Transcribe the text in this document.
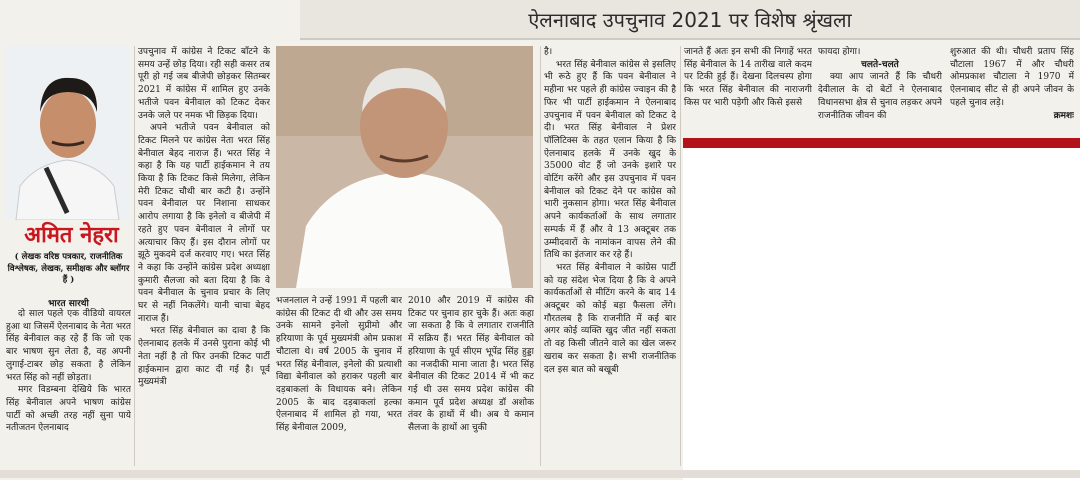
ऐलनाबाद उपचुनाव 2021 पर विशेष श्रृंखला
अमित नेहरा
( लेखक वरिष्ठ पत्रकार, राजनीतिक विश्लेषक, लेखक, समीक्षक और ब्लॉगर हैं )
भारत सारथी

दो साल पहले एक वीडियो वायरल हुआ था जिसमें ऐलनाबाद के नेता भरत सिंह बेनीवाल कह रहे हैं कि जो एक बार भाषण सुन लेता है, वह अपनी लुगाई-टाबर छोड़ सकता है लेकिन भरत सिंह को नहीं छोड़ता।

मगर विडम्बना देखिये कि भारत सिंह बेनीवाल अपने भाषण कांग्रेस पार्टी को अच्छी तरह नहीं सुना पाये नतीजतन ऐलनाबाद

उपचुनाव में कांग्रेस ने टिकट बाँटने के समय उन्हें छोड़ दिया। रही सही कसर तब पूरी हो गई जब बीजेपी छोड़कर सितम्बर 2021 में कांग्रेस में शामिल हुए उनके भतीजे पवन बेनीवाल को टिकट देकर उनके जले पर नमक भी छिड़क दिया।

अपने भतीजे पवन बेनीवाल को टिकट मिलने पर कांग्रेस नेता भरत सिंह बेनीवाल बेहद नाराज हैं। भरत सिंह ने कहा है कि यह पार्टी हाईकमान ने तय किया है कि टिकट किसे मिलेगा, लेकिन मेरी टिकट चौथी बार कटी है। उन्होंने पवन बेनीवाल पर निशाना साधकर आरोप लगाया है कि इनेलो व बीजेपी में रहते हुए पवन बेनीवाल ने लोगों पर अत्याचार किए हैं। इस दौरान लोगों पर झूठे मुकदमे दर्ज करवाए गए। भरत सिंह ने कहा कि उन्होंने कांग्रेस प्रदेश अध्यक्षा कुमारी सैलजा को बता दिया है कि वे पवन बेनीवाल के चुनाव प्रचार के लिए घर से नहीं निकलेंगे। यानी चाचा बेहद नाराज हैं।

भरत सिंह बेनीवाल का दावा है कि ऐलनाबाद हलके में उनसे पुराना कोई भी नेता नहीं है तो फिर उनकी टिकट पार्टी हाईकमान द्वारा काट दी गई है। पूर्व मुख्यमंत्री

भजनलाल ने उन्हें 1991 में पहली बार कांग्रेस की टिकट दी थी और उस समय उनके सामने इनेलो सुप्रीमो और हरियाणा के पूर्व मुख्यमंत्री ओम प्रकाश चौटाला थे। वर्ष 2005 के चुनाव में भरत सिंह बेनीवाल, इनेलो की प्रत्याशी विद्या बेनीवाल को हराकर पहली बार दड़बाकलां के विधायक बने। लेकिन 2005 के बाद दड़बाकलां हल्का ऐलनाबाद में शामिल हो गया, भरत सिंह बेनीवाल 2009,

2010 और 2019 में कांग्रेस की टिकट पर चुनाव हार चुके हैं। अतः कहा जा सकता है कि वे लगातार राजनीति में सक्रिय हैं। भरत सिंह बेनीवाल को हरियाणा के पूर्व सीएम भूपेंद्र सिंह हुड्डा का नजदीकी माना जाता है। भरत सिंह बेनीवाल की टिकट 2014 में भी कट गई थी उस समय प्रदेश कांग्रेस की कमान पूर्व प्रदेश अध्यक्ष डॉ अशोक तंवर के हाथों में थी। अब ये कमान सैलजा के हाथों आ चुकी

है।

भरत सिंह बेनीवाल कांग्रेस से इसलिए भी रूठे हुए हैं कि पवन बेनीवाल ने महीना भर पहले ही कांग्रेस ज्वाइन की है फिर भी पार्टी हाईकमान ने ऐलनाबाद उपचुनाव में पवन बेनीवाल को टिकट दे दी। भरत सिंह बेनीवाल ने प्रेशर पॉलिटिक्स के तहत एलान किया है कि ऐलनाबाद हलके में उनके खुद के 35000 वोट हैं जो उनके इशारे पर वोटिंग करेंगे और इस उपचुनाव में पवन बेनीवाल को टिकट देने पर कांग्रेस को भारी नुकसान होगा। भरत सिंह बेनीवाल अपने कार्यकर्ताओं के साथ लगातार सम्पर्क में हैं और वे 13 अक्टूबर तक उम्मीदवारों के नामांकन वापस लेने की तिथि का इंतजार कर रहे हैं।

भरत सिंह बेनीवाल ने कांग्रेस पार्टी को यह संदेश भेज दिया है कि वे अपने कार्यकर्ताओं से मीटिंग करने के बाद 14 अक्टूबर को कोई बड़ा फैसला लेंगे। गौरतलब है कि राजनीति में कई बार अगर कोई व्यक्ति खुद जीत नहीं सकता तो वह किसी जीतने वाले का खेल जरूर खराब कर सकता है। सभी राजनीतिक दल इस बात को बखूबी

जानते हैं अतः इन सभी की निगाहें भरत सिंह बेनीवाल के 14 तारीख वाले कदम पर टिकी हुई हैं। देखना दिलचस्प होगा कि भरत सिंह बेनीवाल की नाराजगी किस पर भारी पड़ेगी और किसे इससे

फायदा होगा।

चलते-चलते

क्या आप जानते हैं कि चौधरी देवीलाल के दो बेटों ने ऐलनाबाद विधानसभा क्षेत्र से चुनाव लड़कर अपने राजनीतिक जीवन की

शुरुआत की थी। चौधरी प्रताप सिंह चौटाला 1967 में और चौधरी ओमप्रकाश चौटाला ने 1970 में ऐलनाबाद सीट से ही अपने जीवन के पहले चुनाव लड़े।

क्रमशः
